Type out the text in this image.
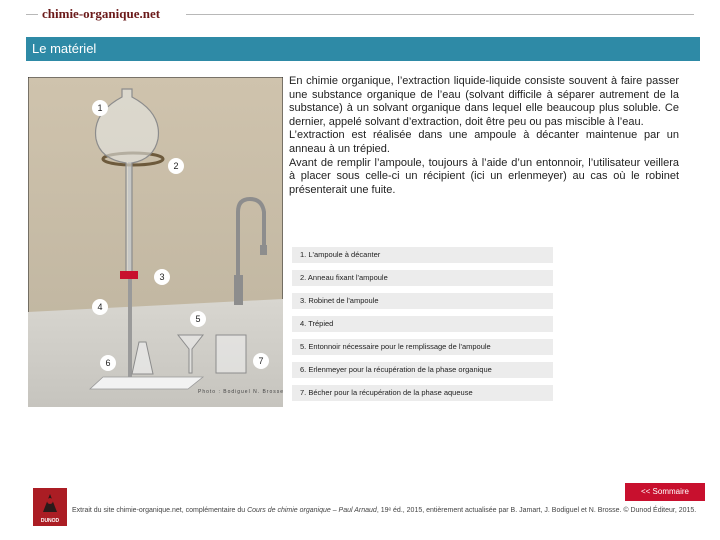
chimie-organique.net
Le matériel
1
2
3
4
5
6	7
Photo : Bodiguel N. Brosse

En chimie organique, l’extraction liquide-liquide consiste souvent à faire passer une substance organique de l’eau (solvant difficile à séparer autrement de la substance) à un solvant organique dans lequel elle beaucoup plus soluble. Ce dernier, appelé solvant d’extraction, doit être peu ou pas miscible à l’eau.

L’extraction est réalisée dans une ampoule à décanter maintenue par un anneau à un trépied.

Avant de remplir l’ampoule, toujours à l’aide d’un entonnoir, l’utilisateur veillera à placer sous celle-ci un récipient (ici un erlenmeyer) au cas où le robinet présenterait une fuite.

1. L'ampoule à décanter
2. Anneau fixant l'ampoule
3. Robinet de l'ampoule
4. Trépied
5. Entonnoir nécessaire pour le remplissage de l'ampoule
6. Erlenmeyer pour la récupération de la phase organique
7. Bécher pour la récupération de la phase aqueuse
<< Sommaire
DUNOD
Extrait du site chimie-organique.net, complémentaire du Cours de chimie organique – Paul Arnaud, 19ᵉ éd., 2015, entièrement actualisée par B. Jamart, J. Bodiguel et N. Brosse. © Dunod Éditeur, 2015.
